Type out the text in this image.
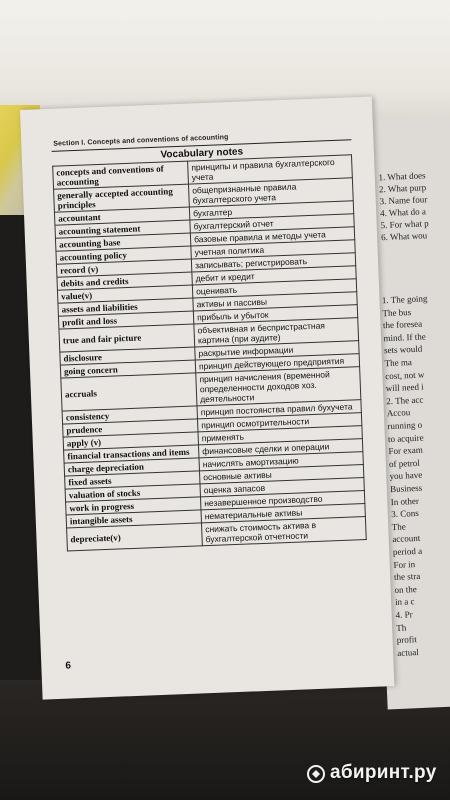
1. What does
2. What purp
3. Name four
4. What do a
5. For what p
6. What wou
1. The going
The bus
the foresea
mind. If the
sets would
The ma
cost, not w
will need i
2. The acc
Accou
running o
to acquire
For exam
of petrol
you have
Business
In other
3. Cons
The
account
period a
For in
the stra
on the
in a c
4. Pr
Th
profit
actual
Section I. Concepts and conventions of accounting
Vocabulary notes
concepts and conventions of accounting	принципы и правила бухгалтерского учета
generally accepted accounting principles	общепризнанные правила бухгалтерского учета
accountant	бухгалтер
accounting statement	бухгалтерский отчет
accounting base	базовые правила и методы учета
accounting policy	учетная политика
record (v)	записывать; регистрировать
debits and credits	дебит и кредит
value(v)	оценивать
assets and liabilities	активы и пассивы
profit and loss	прибыль и убыток
true and fair picture	объективная и беспристрастная картина (при аудите)
disclosure	раскрытие информации
going concern	принцип действующего предприятия
accruals	принцип начисления (временной определенности доходов хоз. деятельности
consistency	принцип постоянства правил бухучета
prudence	принцип осмотрительности
apply (v)	применять
financial transactions and items	финансовые сделки и операции
charge depreciation	начислять амортизацию
fixed assets	основные активы
valuation of stocks	оценка запасов
work in progress	незавершенное производство
intangible assets	нематериальные активы
depreciate(v)	снижать стоимость актива в бухгалтерской отчетности
6
абиринт.ру
